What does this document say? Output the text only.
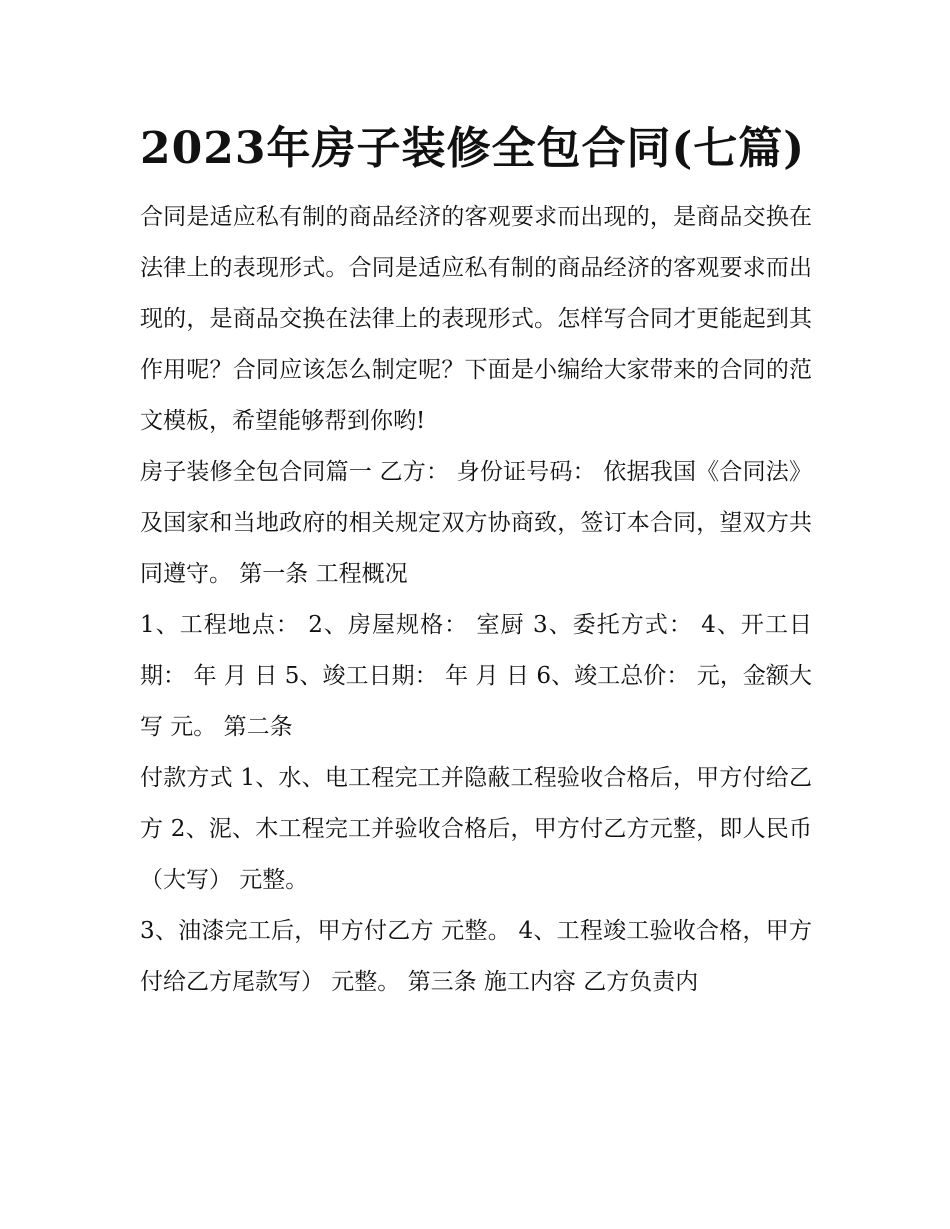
2023年房子装修全包合同(七篇)

合同是适应私有制的商品经济的客观要求而出现的，是商品交换在法律上的表现形式。合同是适应私有制的商品经济的客观要求而出现的，是商品交换在法律上的表现形式。怎样写合同才更能起到其作用呢？合同应该怎么制定呢？下面是小编给大家带来的合同的范文模板，希望能够帮到你哟!

房子装修全包合同篇一 乙方： 身份证号码： 依据我国《合同法》及国家和当地政府的相关规定双方协商致，签订本合同，望双方共同遵守。 第一条 工程概况

1、工程地点： 2、房屋规格： 室厨 3、委托方式： 4、开工日期： 年 月 日 5、竣工日期： 年 月 日 6、竣工总价： 元，金额大写 元。 第二条

付款方式 1、水、电工程完工并隐蔽工程验收合格后，甲方付给乙方 2、泥、木工程完工并验收合格后，甲方付乙方元整，即人民币（大写） 元整。

3、油漆完工后，甲方付乙方 元整。 4、工程竣工验收合格，甲方付给乙方尾款写） 元整。 第三条 施工内容 乙方负责内
